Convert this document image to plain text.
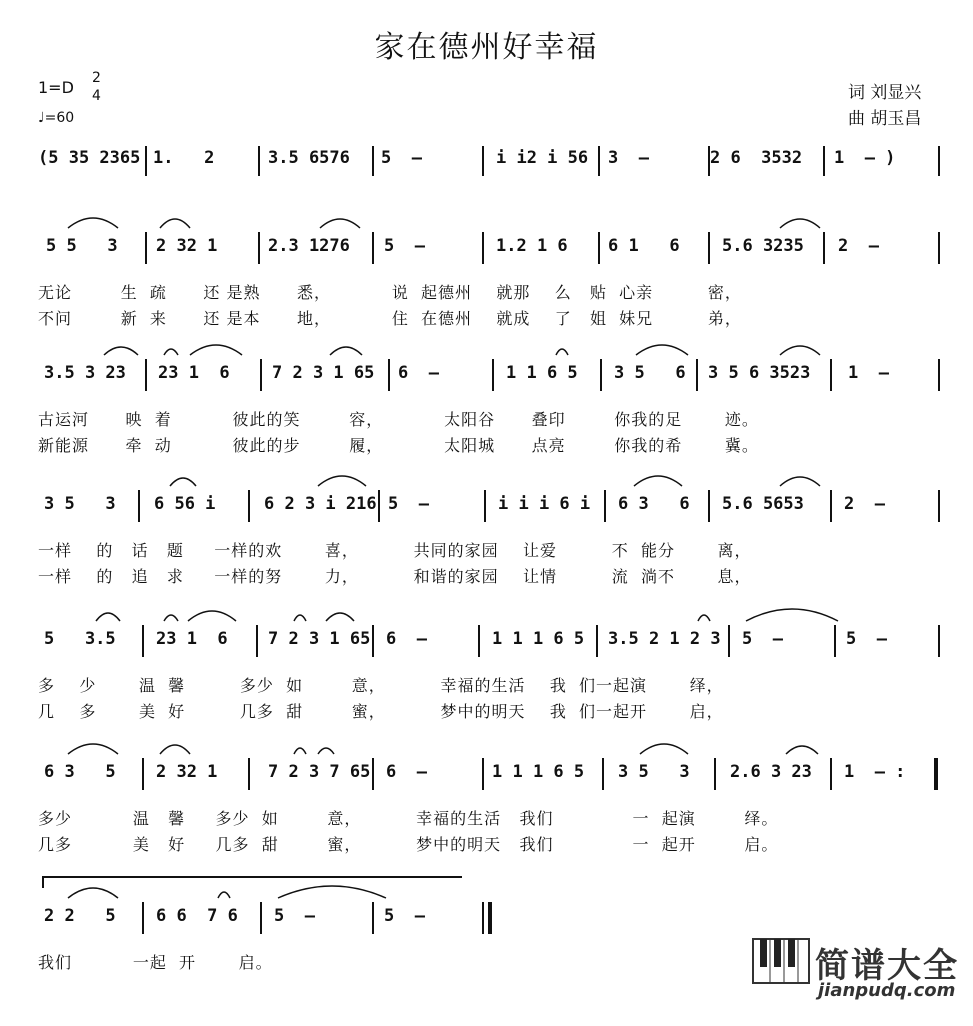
家在德州好幸福
1=D 2
4
♩=60
词 刘显兴
曲 胡玉昌

(5 35 2365

1.   2

	3.5 6576

5  –

	i i2 i 56

3  –

	2 6  3532

1  – )

5 5   3

2 32 1

	2.3 1276

5  –

	1.2 1 6

6 1   6

5.6 3235

2  –

无论        生  疏      还 是熟      悉，          说  起德州    就那    么   贴  心亲         密，
不问        新  来      还 是本      地，          住  在德州    就成    了   姐  妹兄         弟，

3.5 3 23

23 1  6

7 2 3 1 65

6  –

	1 1 6 5

3 5   6

3 5 6 3523

1  –

古运河      映  着          彼此的笑        容，          太阳谷      叠印        你我的足       迹。
新能源      牵  动          彼此的步        履，          太阳城      点亮        你我的希       冀。

3 5   3

6 56 i

	6 2 3 i 216

5  –

	i i i 6 i

6 3   6

5.6 5653

2  –

一样    的   话   题     一样的欢       喜，         共同的家园    让爱         不  能分       离，
一样    的   追   求     一样的努       力，         和谐的家园    让情         流  淌不       息，

5   3.5

23 1  6

7 2 3 1 65

6  –

	1 1 1 6 5

3.5 2 1 2 3

5  –

	5  –

多    少       温  馨         多少  如        意，         幸福的生活    我  们一起演       绎，
几    多       美  好         几多  甜        蜜，         梦中的明天    我  们一起开       启，

6 3   5

2 32 1

	7 2 3 7 65

6  –

	1 1 1 6 5

3 5   3

2.6 3 23

1  – :

多少          温   馨     多少  如        意，         幸福的生活   我们             一  起演        绎。
几多          美   好     几多  甜        蜜，         梦中的明天   我们             一  起开        启。

2 2   5

6 6  7 6

5  –

	5  –

我们          一起  开       启。	简谱大全
jianpudq.com
